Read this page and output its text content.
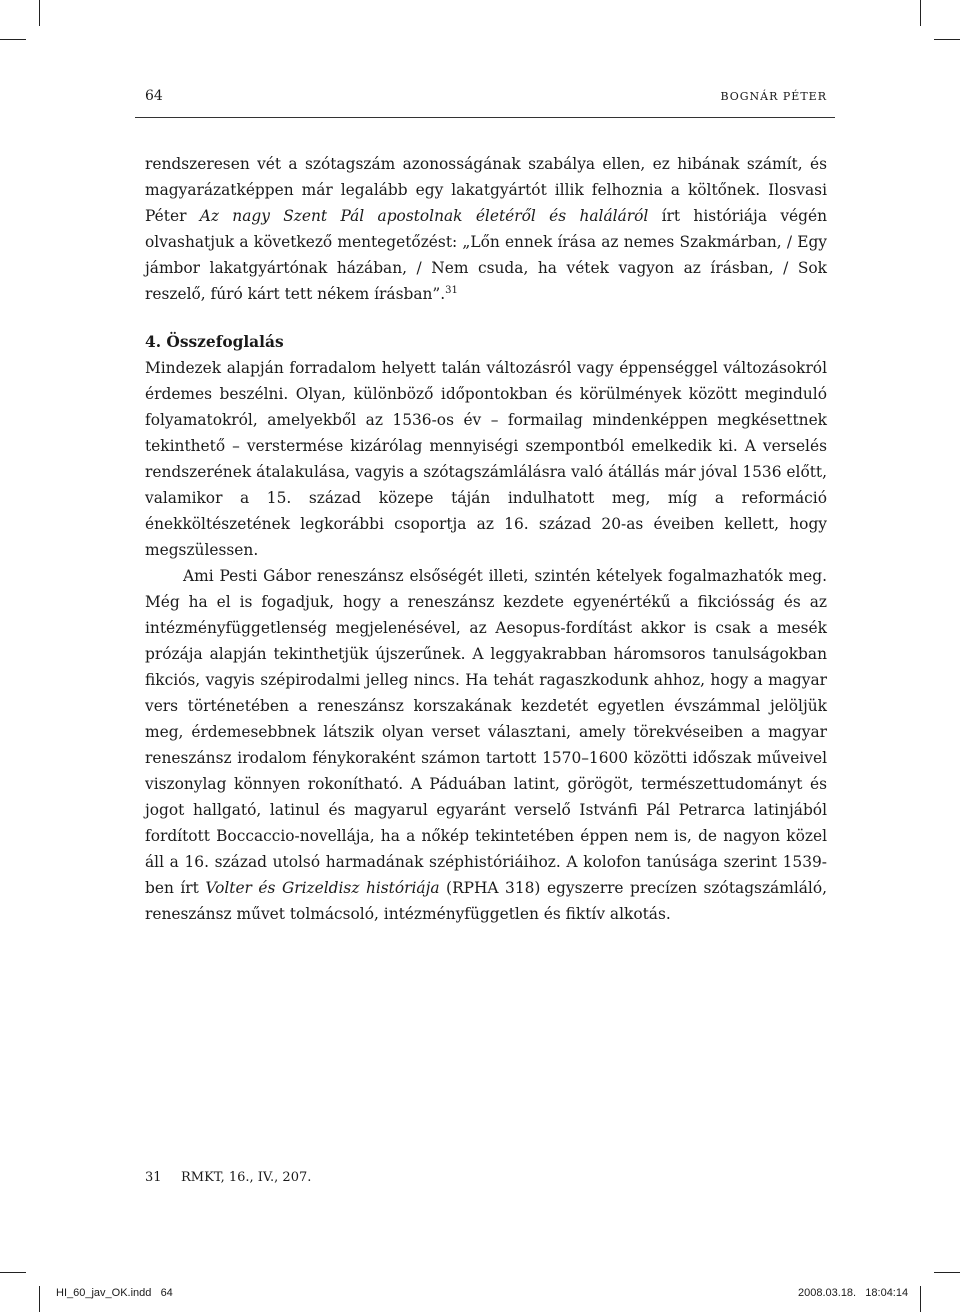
64	BOGNÁR PÉTER

rendszeresen vét a szótagszám azonosságának szabálya ellen, ez hibának számít, és magyarázatképpen már legalább egy lakatgyártót illik felhoznia a költőnek. Ilosvasi Péter Az nagy Szent Pál apostolnak életéről és haláláról írt históriája végén olvashatjuk a következő mentegetőzést: „Lőn ennek írása az nemes Szakmárban, / Egy jámbor lakatgyártónak házában, / Nem csuda, ha vétek vagyon az írásban, / Sok reszelő, fúró kárt tett nékem írásban”.$^{31}$

4. Összefoglalás

Mindezek alapján forradalom helyett talán változásról vagy éppenséggel változásokról érdemes beszélni. Olyan, különböző időpontokban és körülmények között meginduló folyamatokról, amelyekből az 1536-os év – formailag mindenképpen megkésettnek tekinthető – verstermése kizárólag mennyiségi szempontból emelkedik ki. A verselés rendszerének átalakulása, vagyis a szótagszámlálásra való átállás már jóval 1536 előtt, valamikor a 15. század közepe táján indulhatott meg, míg a reformáció énekköltészetének legkorábbi csoportja az 16. század 20-as éveiben kellett, hogy megszülessen.

Ami Pesti Gábor reneszánsz elsőségét illeti, szintén kételyek fogalmazhatók meg. Még ha el is fogadjuk, hogy a reneszánsz kezdete egyenértékű a fikciósság és az intézményfüggetlenség megjelenésével, az Aesopus-fordítást akkor is csak a mesék prózája alapján tekinthetjük újszerűnek. A leggyakrabban háromsoros tanulságokban fikciós, vagyis szépirodalmi jelleg nincs. Ha tehát ragaszkodunk ahhoz, hogy a magyar vers történetében a reneszánsz korszakának kezdetét egyetlen évszámmal jelöljük meg, érdemesebbnek látszik olyan verset választani, amely törekvéseiben a magyar reneszánsz irodalom fénykoraként számon tartott 1570–1600 közötti időszak műveivel viszonylag könnyen rokonítható. A Páduában latint, görögöt, természettudományt és jogot hallgató, latinul és magyarul egyaránt verselő Istvánfi Pál Petrarca latinjából fordított Boccaccio-novellája, ha a nőkép tekintetében éppen nem is, de nagyon közel áll a 16. század utolsó harmadának széphistóriáihoz. A kolofon tanúsága szerint 1539-ben írt Volter és Grizeldisz históriája (RPHA 318) egyszerre precízen szótagszámláló, reneszánsz művet tolmácsoló, intézményfüggetlen és fiktív alkotás.

31 RMKT, 16., IV., 207.
HI_60_jav_OK.indd   64	2008.03.18.   18:04:14
